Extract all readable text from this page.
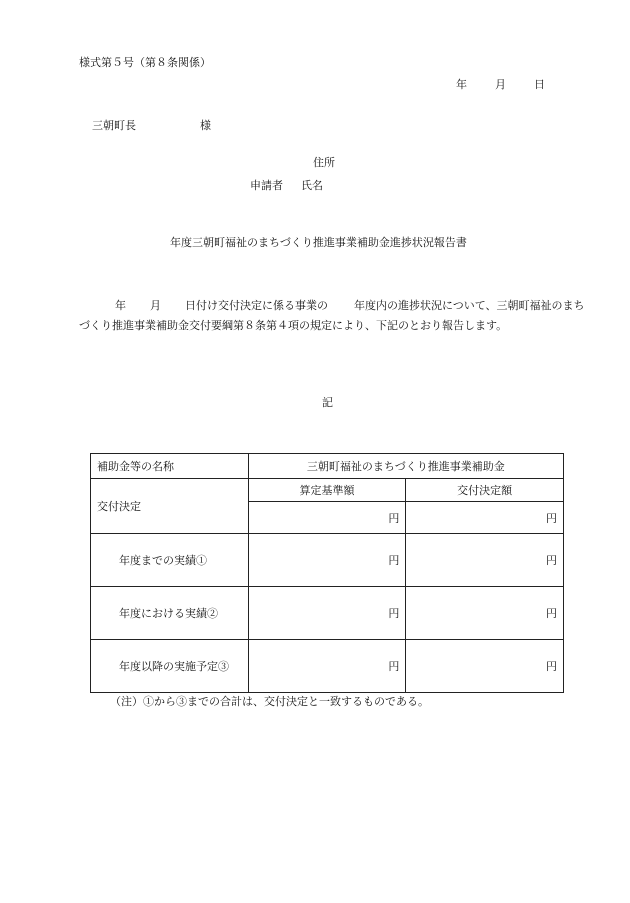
様式第５号（第８条関係）
年	月	日
三朝町長	様
住所
申請者 氏名
年度三朝町福祉のまちづくり推進事業補助金進捗状況報告書
年 月 日付け交付決定に係る事業の 年度内の進捗状況について、三朝町福祉のまちづくり推進事業補助金交付要綱第８条第４項の規定により、下記のとおり報告します。
記
補助金等の名称	三朝町福祉のまちづくり推進事業補助金	
交付決定	算定基準額	交付決定額
	円	円
年度までの実績①	円	円
年度における実績②	円	円
年度以降の実施予定③	円	円
（注）①から③までの合計は、交付決定と一致するものである。
